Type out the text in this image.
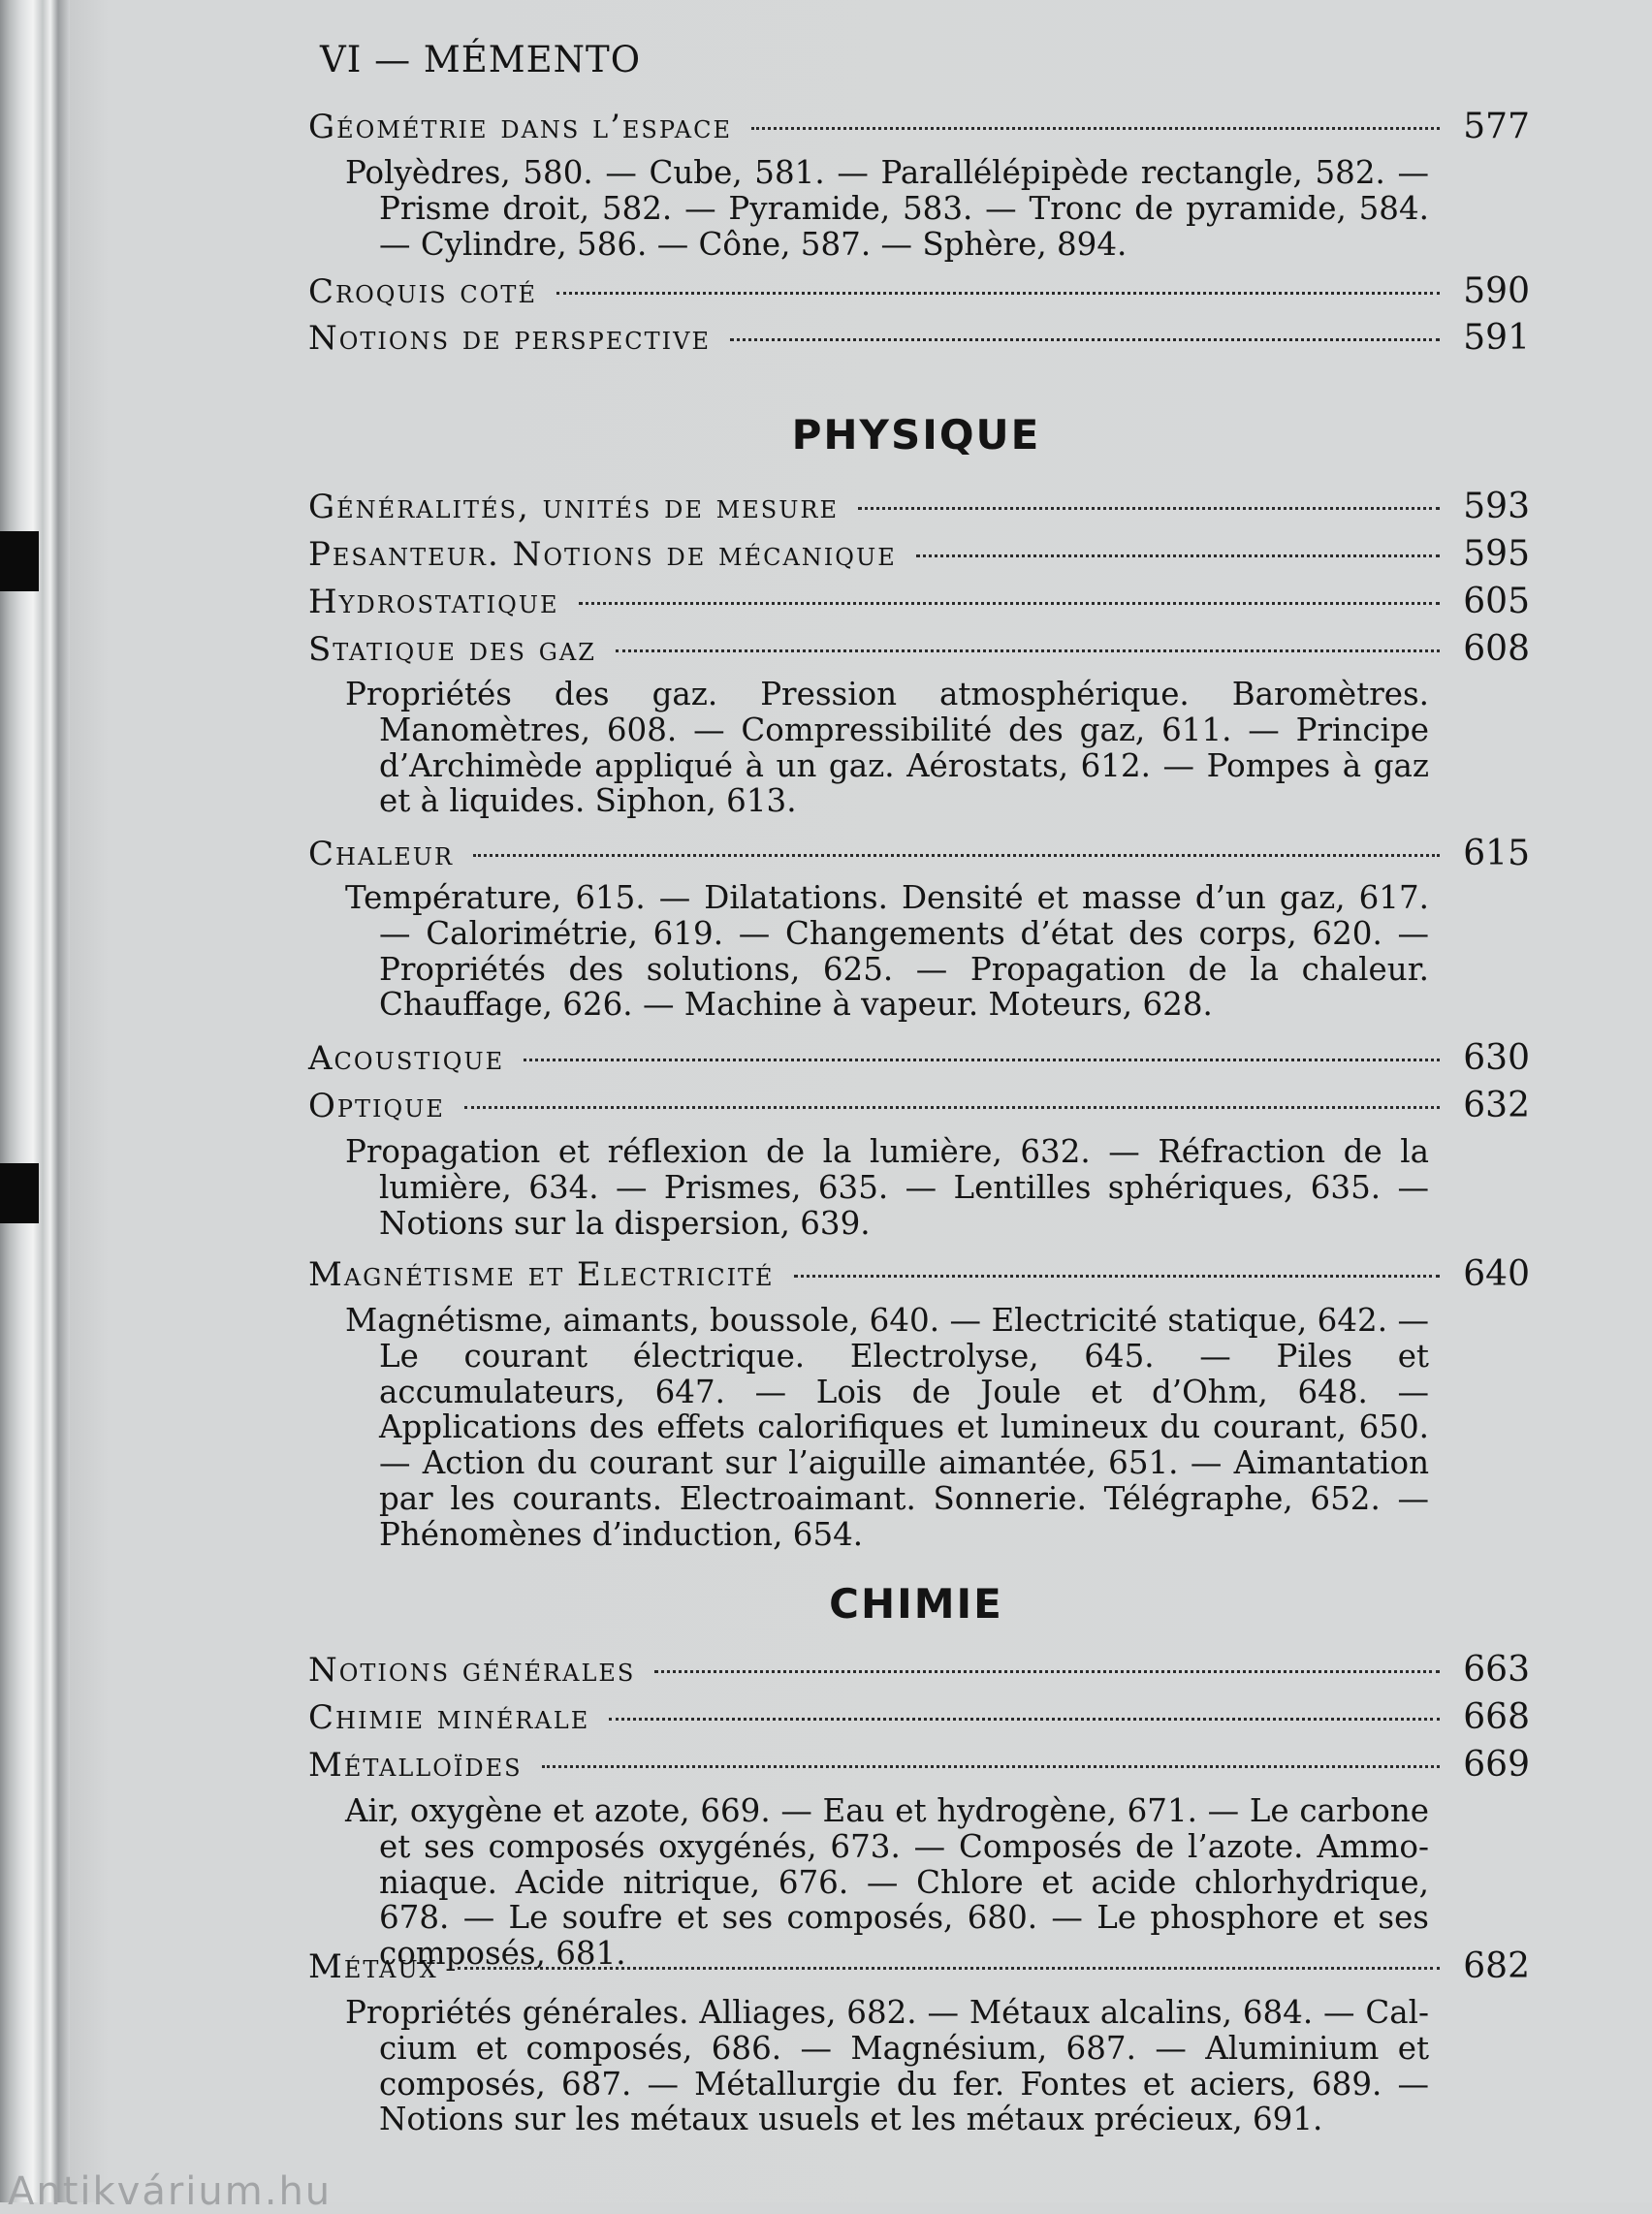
VI — MÉMENTO
Géométrie dans l’espace	577
Polyèdres, 580. — Cube, 581. — Parallélépipède rectangle, 582. — Prisme droit, 582. — Pyramide, 583. — Tronc de pyramide, 584. — Cylindre, 586. — Cône, 587. — Sphère, 894.
Croquis coté	590
Notions de perspective	591
PHYSIQUE
Généralités, unités de mesure	593
Pesanteur. Notions de mécanique	595
Hydrostatique	605
Statique des gaz	608
Propriétés des gaz. Pression atmosphérique. Baromètres. Manomètres, 608. — Compressibilité des gaz, 611. — Principe d’Archimède appliqué à un gaz. Aérostats, 612. — Pompes à gaz et à liquides. Siphon, 613.
Chaleur	615
Température, 615. — Dilatations. Densité et masse d’un gaz, 617. — Calorimétrie, 619. — Changements d’état des corps, 620. — Propriétés des solutions, 625. — Propagation de la chaleur. Chauffage, 626. — Machine à vapeur. Moteurs, 628.
Acoustique	630
Optique	632
Propagation et réflexion de la lumière, 632. — Réfraction de la lumière, 634. — Prismes, 635. — Lentilles sphériques, 635. — Notions sur la dispersion, 639.
Magnétisme et Electricité	640
Magnétisme, aimants, boussole, 640. — Electricité statique, 642. — Le courant électrique. Electrolyse, 645. — Piles et accumulateurs, 647. — Lois de Joule et d’Ohm, 648. — Applications des effets calorifiques et lumineux du courant, 650. — Action du courant sur l’aiguille aimantée, 651. — Aimantation par les courants. Electroaimant. Sonnerie. Télégraphe, 652. — Phénomènes d’induction, 654.
CHIMIE
Notions générales	663
Chimie minérale	668
Métalloïdes	669
Air, oxygène et azote, 669. — Eau et hydrogène, 671. — Le carbone et ses composés oxygénés, 673. — Composés de l’azote. Ammoniaque. Acide nitrique, 676. — Chlore et acide chlorhydrique, 678. — Le soufre et ses composés, 680. — Le phosphore et ses composés, 681.
Métaux	682
Propriétés générales. Alliages, 682. — Métaux alcalins, 684. — Calcium et composés, 686. — Magnésium, 687. — Aluminium et composés, 687. — Métallurgie du fer. Fontes et aciers, 689. — Notions sur les métaux usuels et les métaux précieux, 691.
Antikvárium.hu
